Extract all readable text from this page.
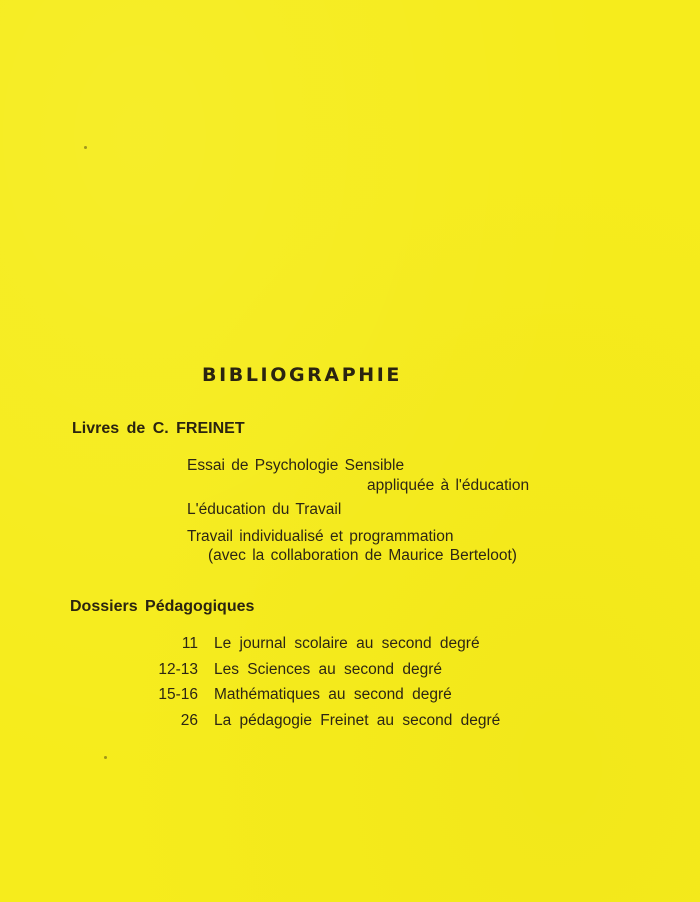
BIBLIOGRAPHIE
Livres de C. FREINET
Essai de Psychologie Sensible
appliquée à l'éducation
L'éducation du Travail
Travail individualisé et programmation
(avec la collaboration de Maurice Berteloot)
Dossiers Pédagogiques
11 Le journal scolaire au second degré
12-13 Les Sciences au second degré
15-16 Mathématiques au second degré
26 La pédagogie Freinet au second degré
